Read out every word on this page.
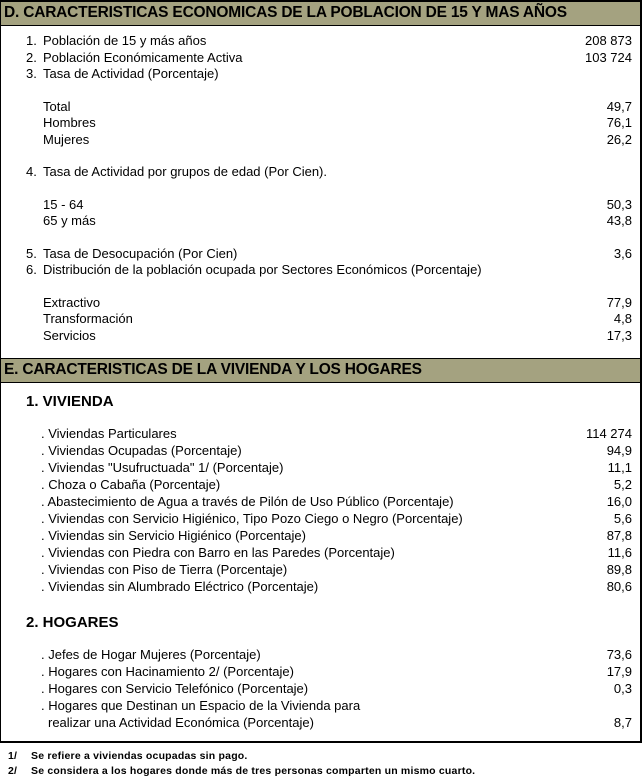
D. CARACTERISTICAS ECONOMICAS DE LA POBLACION DE 15 Y MAS AÑOS
1. Población de 15 y más años	208 873
2. Población Económicamente Activa	103 724
3. Tasa de Actividad (Porcentaje)
Total	49,7
Hombres	76,1
Mujeres	26,2
4. Tasa de Actividad por grupos de edad (Por Cien).
15 - 64	50,3
65 y más	43,8
5. Tasa de Desocupación (Por Cien)	3,6
6. Distribución de la población ocupada por Sectores Económicos (Porcentaje)
Extractivo	77,9
Transformación	4,8
Servicios	17,3
E. CARACTERISTICAS DE LA VIVIENDA Y LOS HOGARES
1. VIVIENDA
. Viviendas Particulares	114 274
. Viviendas Ocupadas (Porcentaje)	94,9
. Viviendas "Usufructuada" 1/ (Porcentaje)	11,1
. Choza o Cabaña (Porcentaje)	5,2
. Abastecimiento de Agua a través de Pilón de Uso Público (Porcentaje)	16,0
. Viviendas con Servicio Higiénico, Tipo Pozo Ciego o Negro (Porcentaje)	5,6
. Viviendas sin Servicio Higiénico (Porcentaje)	87,8
. Viviendas con Piedra con Barro en las Paredes (Porcentaje)	11,6
. Viviendas con Piso de Tierra (Porcentaje)	89,8
. Viviendas sin Alumbrado Eléctrico (Porcentaje)	80,6
2. HOGARES
. Jefes de Hogar Mujeres (Porcentaje)	73,6
. Hogares con Hacinamiento 2/ (Porcentaje)	17,9
. Hogares con Servicio Telefónico (Porcentaje)	0,3
. Hogares que Destinan un Espacio de la Vivienda para
realizar una Actividad Económica (Porcentaje)	8,7
1/	Se refiere a viviendas ocupadas sin pago.
2/	Se considera a los hogares donde más de tres personas comparten un mismo cuarto.
